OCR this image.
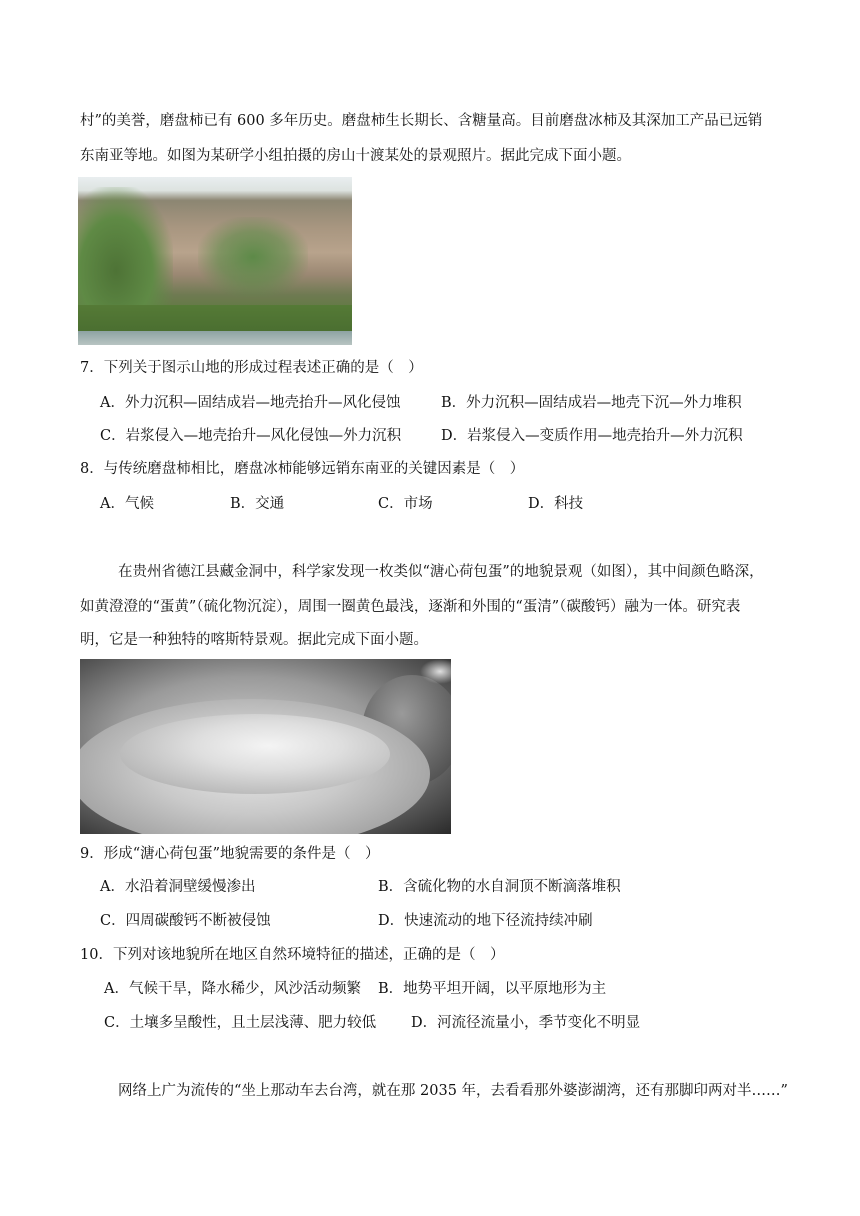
村”的美誉，磨盘柿已有 600 多年历史。磨盘柿生长期长、含糖量高。目前磨盘冰柿及其深加工产品已远销
东南亚等地。如图为某研学小组拍摄的房山十渡某处的景观照片。据此完成下面小题。
7．下列关于图示山地的形成过程表述正确的是（　）
A．外力沉积—固结成岩—地壳抬升—风化侵蚀	B．外力沉积—固结成岩—地壳下沉—外力堆积
C．岩浆侵入—地壳抬升—风化侵蚀—外力沉积	D．岩浆侵入—变质作用—地壳抬升—外力沉积
8．与传统磨盘柿相比，磨盘冰柿能够远销东南亚的关键因素是（　）
A．气候	B．交通	C．市场	D．科技
在贵州省德江县藏金洞中，科学家发现一枚类似“溏心荷包蛋”的地貌景观（如图），其中间颜色略深，
如黄澄澄的“蛋黄”（硫化物沉淀），周围一圈黄色最浅，逐渐和外围的“蛋清”（碳酸钙）融为一体。研究表
明，它是一种独特的喀斯特景观。据此完成下面小题。
9．形成“溏心荷包蛋”地貌需要的条件是（　）
A．水沿着洞壁缓慢渗出	B．含硫化物的水自洞顶不断滴落堆积
C．四周碳酸钙不断被侵蚀	D．快速流动的地下径流持续冲刷
10．下列对该地貌所在地区自然环境特征的描述，正确的是（　）
A．气候干旱，降水稀少，风沙活动频繁 B．地势平坦开阔，以平原地形为主
C．土壤多呈酸性，且土层浅薄、肥力较低 D．河流径流量小，季节变化不明显
网络上广为流传的“坐上那动车去台湾，就在那 2035 年，去看看那外婆澎湖湾，还有那脚印两对半……”
